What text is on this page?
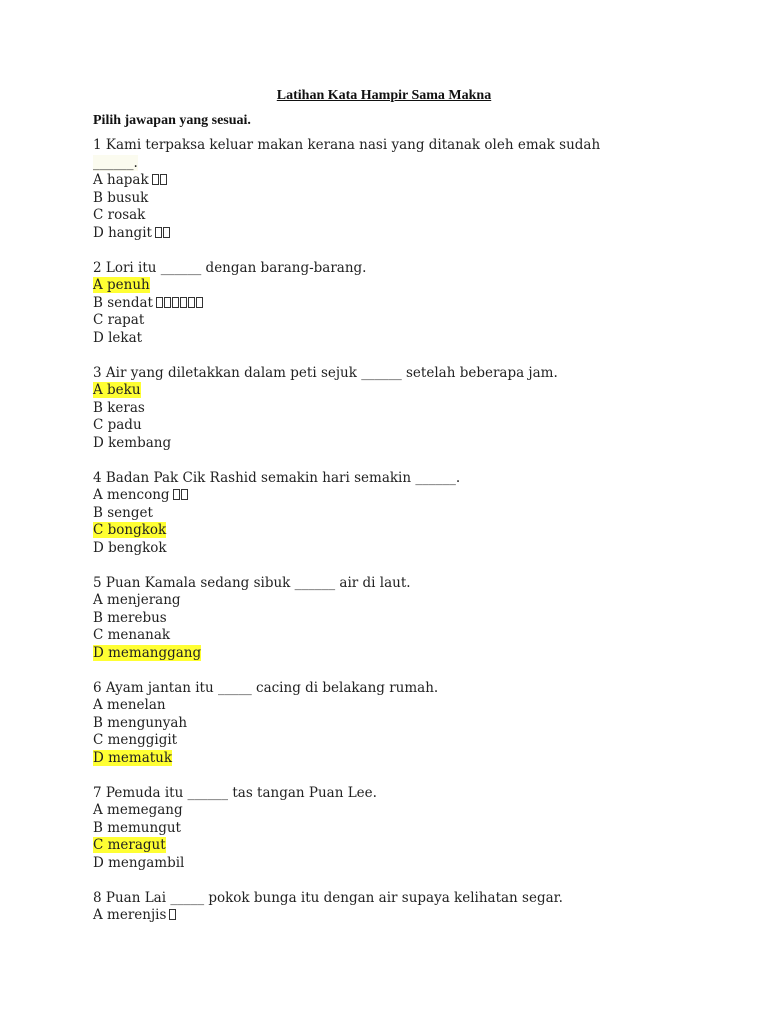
Latihan Kata Hampir Sama Makna
Pilih jawapan yang sesuai.
1 Kami terpaksa keluar makan kerana nasi yang ditanak oleh emak sudah
______.
A hapak
B busuk
C rosak
D hangit
2 Lori itu ______ dengan barang-barang.
A penuh
B sendat
C rapat
D lekat
3 Air yang diletakkan dalam peti sejuk ______ setelah beberapa jam.
A beku
B keras
C padu
D kembang
4 Badan Pak Cik Rashid semakin hari semakin ______.
A mencong
B senget
C bongkok
D bengkok
5 Puan Kamala sedang sibuk ______ air di laut.
A menjerang
B merebus
C menanak
D memanggang
6 Ayam jantan itu _____ cacing di belakang rumah.
A menelan
B mengunyah
C menggigit
D mematuk
7 Pemuda itu ______ tas tangan Puan Lee.
A memegang
B memungut
C meragut
D mengambil
8 Puan Lai _____ pokok bunga itu dengan air supaya kelihatan segar.
A merenjis
